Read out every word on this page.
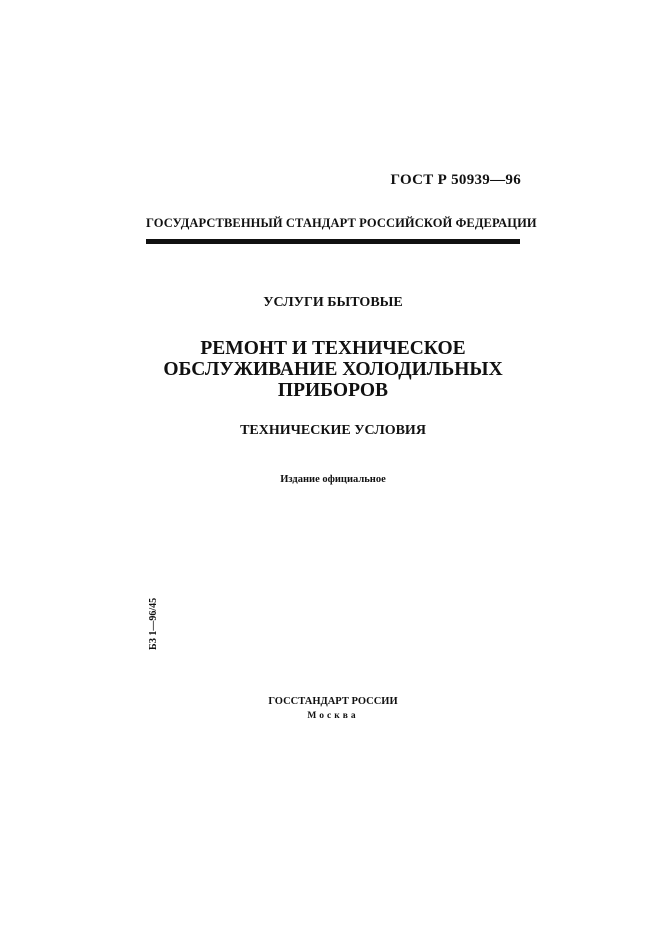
ГОСТ Р 50939—96
ГОСУДАРСТВЕННЫЙ СТАНДАРТ РОССИЙСКОЙ ФЕДЕРАЦИИ
УСЛУГИ БЫТОВЫЕ
РЕМОНТ И ТЕХНИЧЕСКОЕ
ОБСЛУЖИВАНИЕ ХОЛОДИЛЬНЫХ
ПРИБОРОВ
ТЕХНИЧЕСКИЕ УСЛОВИЯ
Издание официальное
БЗ 1—96/45
ГОССТАНДАРТ РОССИИ
Москва
